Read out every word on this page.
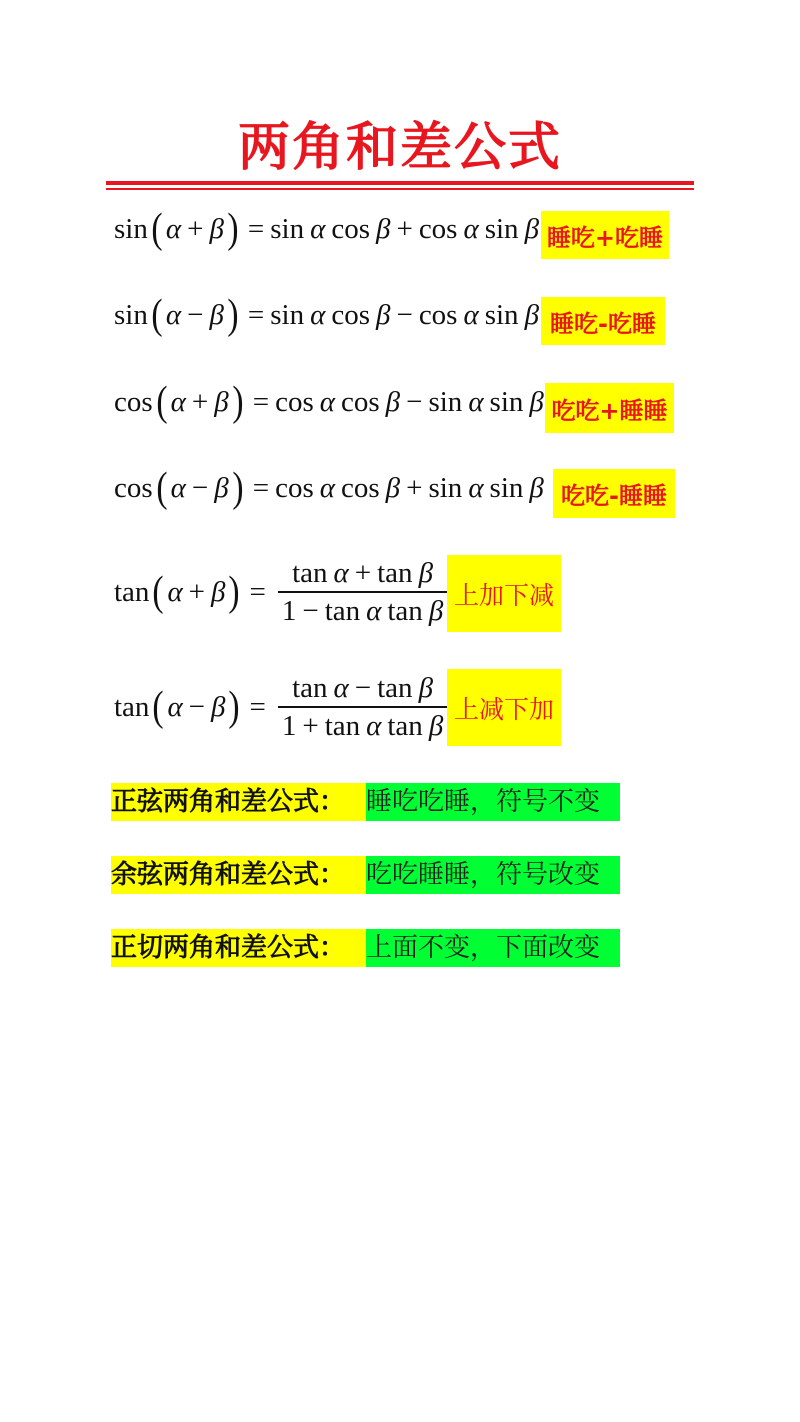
两角和差公式
sin ( α + β ) = sin α cos β + cos α sin β 睡吃+吃睡
sin ( α − β ) = sin α cos β − cos α sin β 睡吃-吃睡
cos ( α + β ) = cos α cos β − sin α sin β 吃吃+睡睡
cos ( α − β ) = cos α cos β + sin α sin β 吃吃-睡睡
tan ( α + β ) = $\frac{\text{tan α + tan β}}{\text{1 − tan α tan β}}$ 上加下减
tan ( α − β ) = $\frac{\text{tan α − tan β}}{\text{1 + tan α tan β}}$ 上减下加
正弦两角和差公式： 睡吃吃睡，符号不变
余弦两角和差公式： 吃吃睡睡，符号改变
正切两角和差公式： 上面不变，下面改变
